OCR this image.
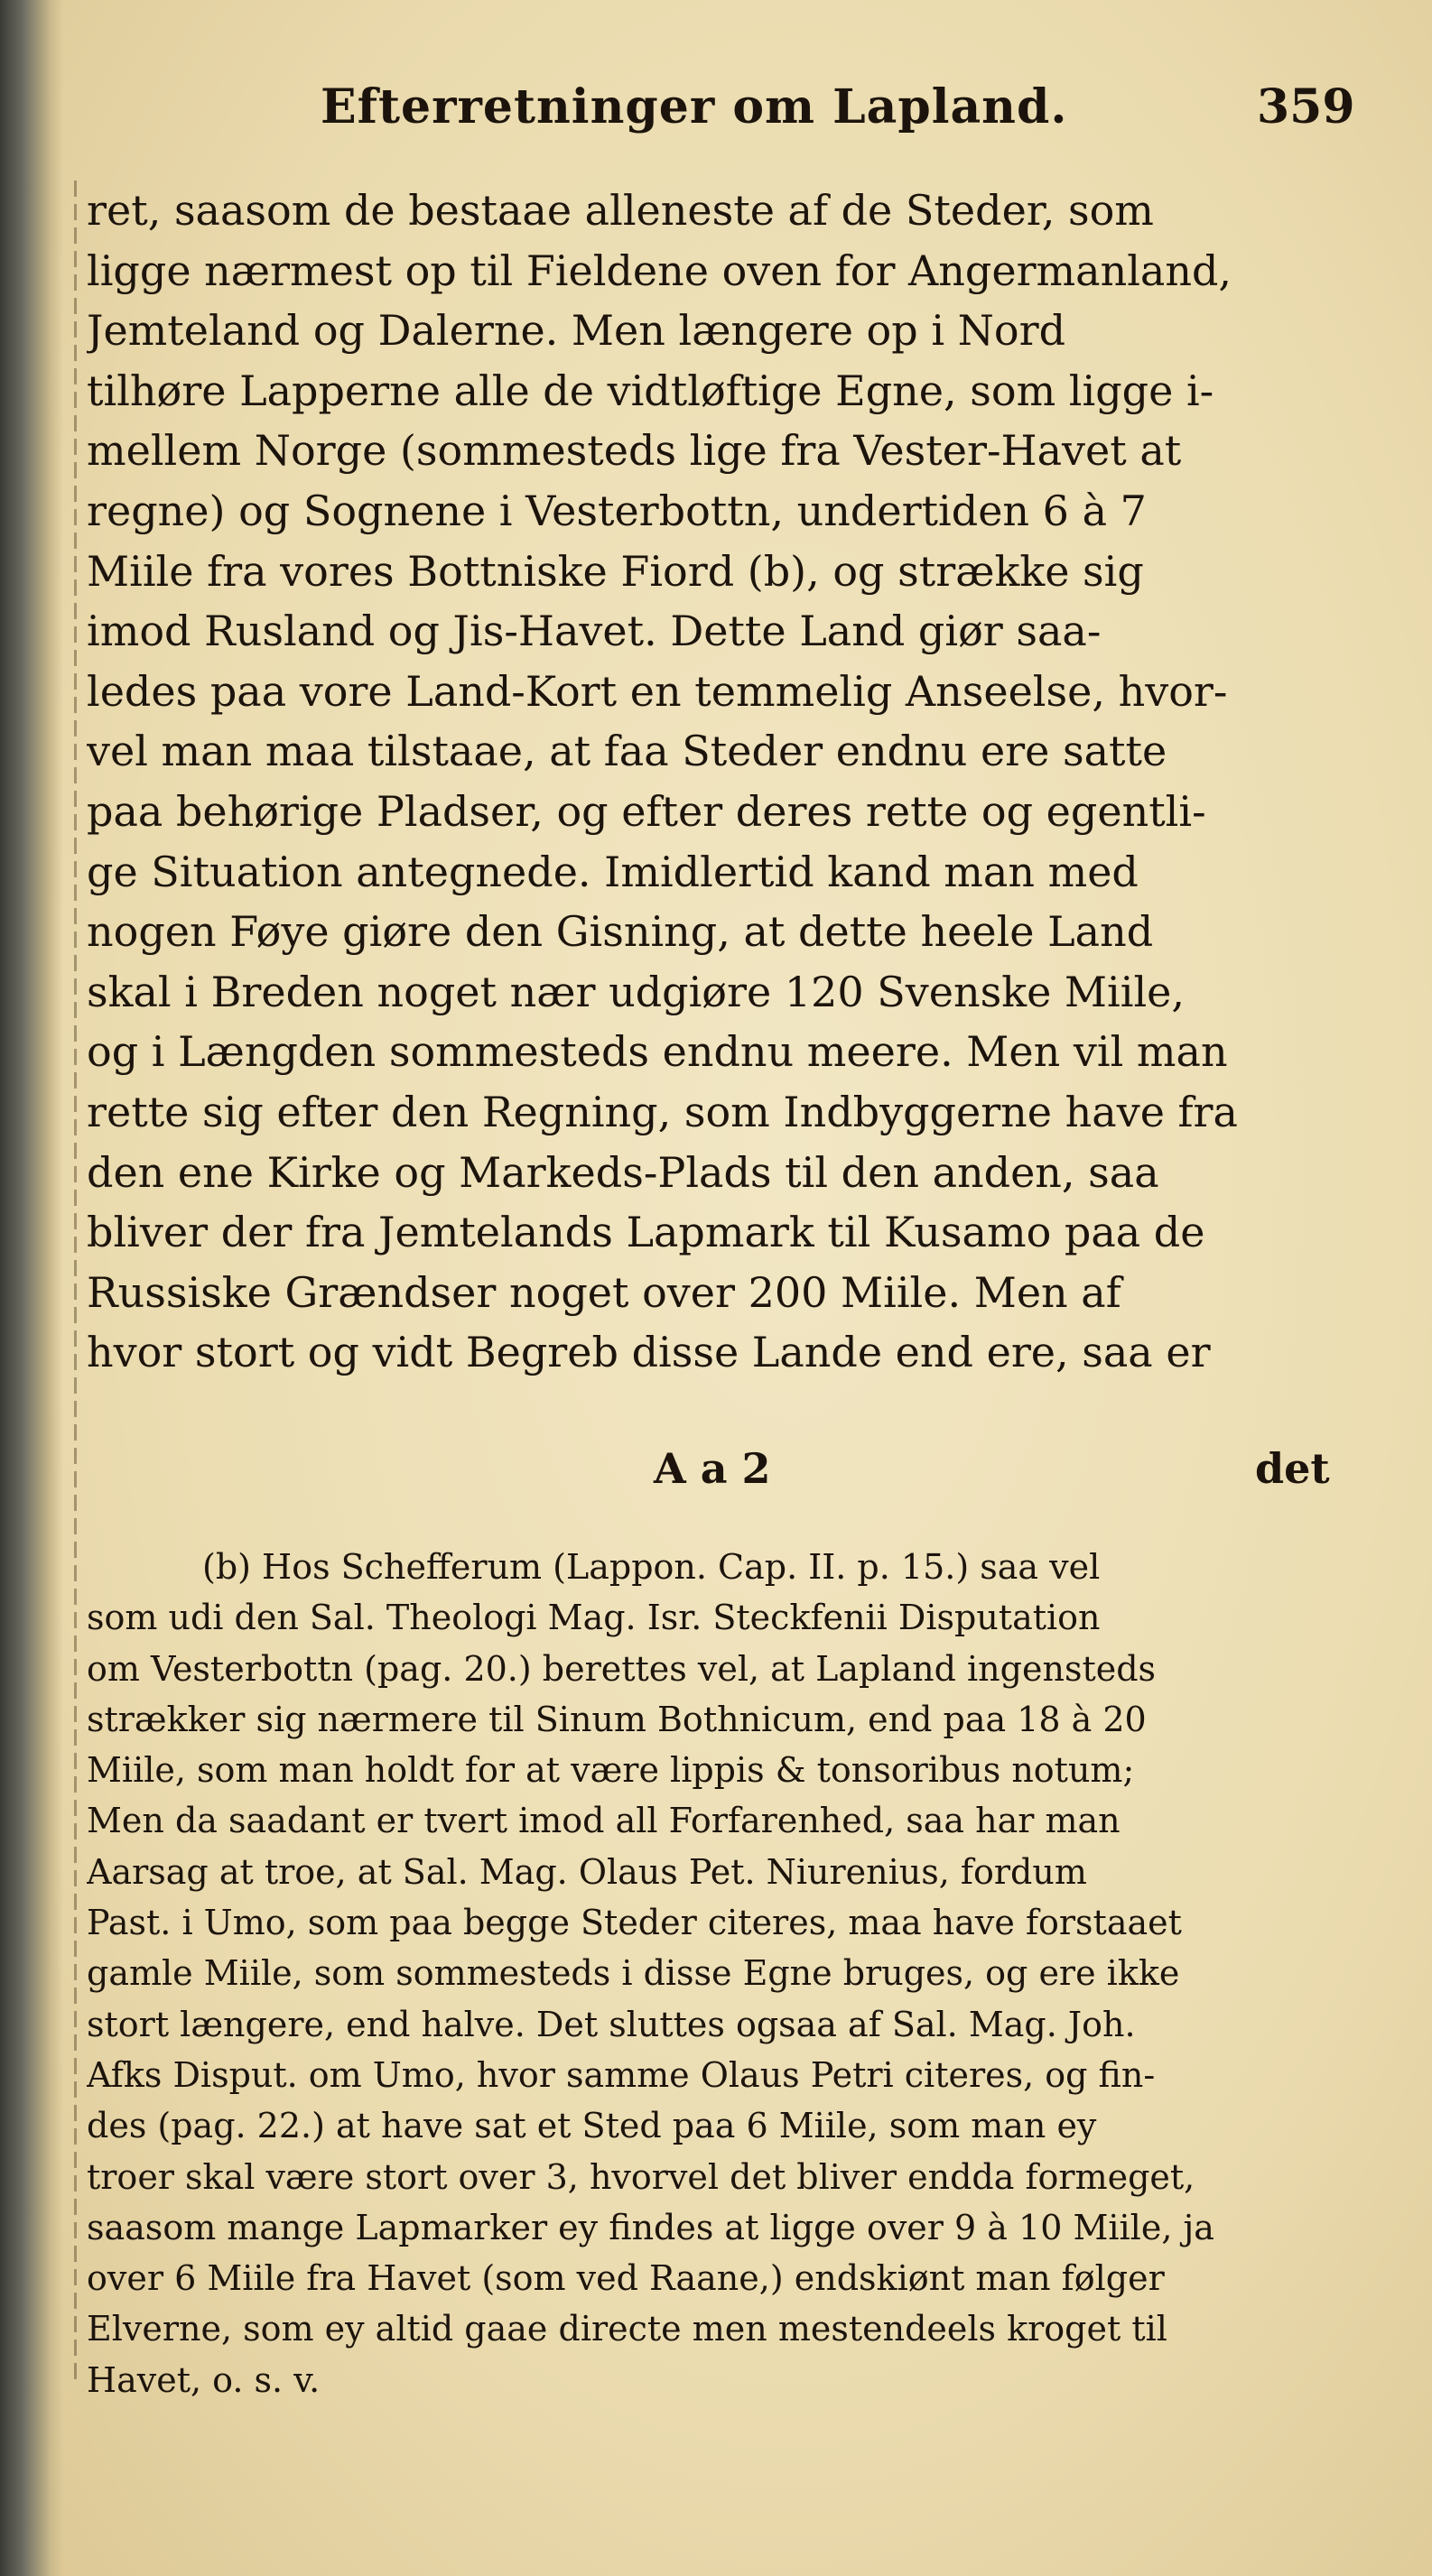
Efterretninger om Lapland.	359
ret, saasom de bestaae alleneste af de Steder, som
ligge nærmest op til Fieldene oven for Angermanland,
Jemteland og Dalerne. Men længere op i Nord
tilhøre Lapperne alle de vidtløftige Egne, som ligge i-
mellem Norge (sommesteds lige fra Vester-Havet at
regne) og Sognene i Vesterbottn, undertiden 6 à 7
Miile fra vores Bottniske Fiord (b), og strække sig
imod Rusland og Jis-Havet. Dette Land giør saa-
ledes paa vore Land-Kort en temmelig Anseelse, hvor-
vel man maa tilstaae, at faa Steder endnu ere satte
paa behørige Pladser, og efter deres rette og egentli-
ge Situation antegnede. Imidlertid kand man med
nogen Føye giøre den Gisning, at dette heele Land
skal i Breden noget nær udgiøre 120 Svenske Miile,
og i Længden sommesteds endnu meere. Men vil man
rette sig efter den Regning, som Indbyggerne have fra
den ene Kirke og Markeds-Plads til den anden, saa
bliver der fra Jemtelands Lapmark til Kusamo paa de
Russiske Grændser noget over 200 Miile. Men af
hvor stort og vidt Begreb disse Lande end ere, saa er
A a 2	det
(b) Hos Schefferum (Lappon. Cap. II. p. 15.) saa vel
som udi den Sal. Theologi Mag. Isr. Steckfenii Disputation
om Vesterbottn (pag. 20.) berettes vel, at Lapland ingensteds
strækker sig nærmere til Sinum Bothnicum, end paa 18 à 20
Miile, som man holdt for at være lippis & tonsoribus notum;
Men da saadant er tvert imod all Forfarenhed, saa har man
Aarsag at troe, at Sal. Mag. Olaus Pet. Niurenius, fordum
Past. i Umo, som paa begge Steder citeres, maa have forstaaet
gamle Miile, som sommesteds i disse Egne bruges, og ere ikke
stort længere, end halve. Det sluttes ogsaa af Sal. Mag. Joh.
Afks Disput. om Umo, hvor samme Olaus Petri citeres, og fin-
des (pag. 22.) at have sat et Sted paa 6 Miile, som man ey
troer skal være stort over 3, hvorvel det bliver endda formeget,
saasom mange Lapmarker ey findes at ligge over 9 à 10 Miile, ja
over 6 Miile fra Havet (som ved Raane,) endskiønt man følger
Elverne, som ey altid gaae directe men mestendeels kroget til
Havet, o. s. v.
